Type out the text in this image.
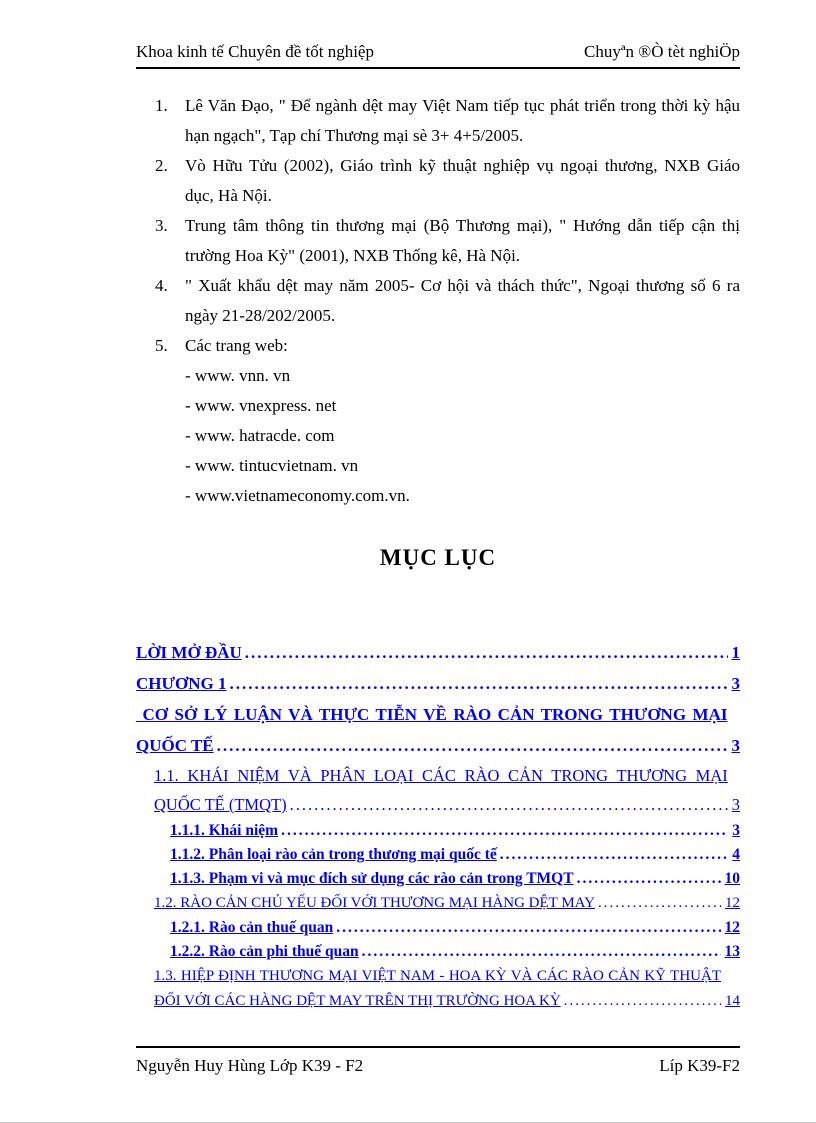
Khoa kinh tế Chuyên đề tốt nghiệp	Chuyªn ®Ò tèt nghiÖp
1. Lê Văn Đạo, " Để ngành dệt may Việt Nam tiếp tục phát triển trong thời kỳ hậu hạn ngạch", Tạp chí Thương mại sè 3+ 4+5/2005.
2. Vò Hữu Tửu (2002), Giáo trình kỹ thuật nghiệp vụ ngoại thương, NXB Giáo dục, Hà Nội.
3. Trung tâm thông tin thương mại (Bộ Thương mại), " Hướng dẫn tiếp cận thị trường Hoa Kỳ" (2001), NXB Thống kê, Hà Nội.
4. " Xuất khẩu dệt may năm 2005- Cơ hội và thách thức", Ngoại thương số 6 ra ngày 21-28/202/2005.
5. Các trang web:
- www. vnn. vn
- www. vnexpress. net
- www. hatracde. com
- www. tintucvietnam. vn
- www.vietnameconomy.com.vn.
MỤC LỤC
LỜI MỞ ĐẦU .....	1
CHƯƠNG 1 .....	3
CƠ SỞ LÝ LUẬN VÀ THỰC TIỄN VỀ RÀO CẢN TRONG THƯƠNG MẠI QUỐC TẾ .....	3
1.1. KHÁI NIỆM VÀ PHÂN LOẠI CÁC RÀO CẢN TRONG THƯƠNG MẠI QUỐC TẾ (TMQT) .....	3
1.1.1. Khái niệm .....	3
1.1.2. Phân loại rào cản trong thương mại quốc tế .....	4
1.1.3. Phạm vi và mục đích sử dụng các rào cản trong TMQT .....	10
1.2. RÀO CẢN CHỦ YẾU ĐỐI VỚI THƯƠNG MẠI HÀNG DỆT MAY .....	12
1.2.1. Rào cản thuế quan .....	12
1.2.2. Rào cản phi thuế quan .....	13
1.3. HIỆP ĐỊNH THƯƠNG MẠI VIỆT NAM - HOA KỲ VÀ CÁC RÀO CẢN KỸ THUẬT ĐỐI VỚI CÁC HÀNG DỆT MAY TRÊN THỊ TRƯỜNG HOA KỲ .....	14
Nguyễn Huy Hùng Lớp K39 - F2	Líp K39-F2
